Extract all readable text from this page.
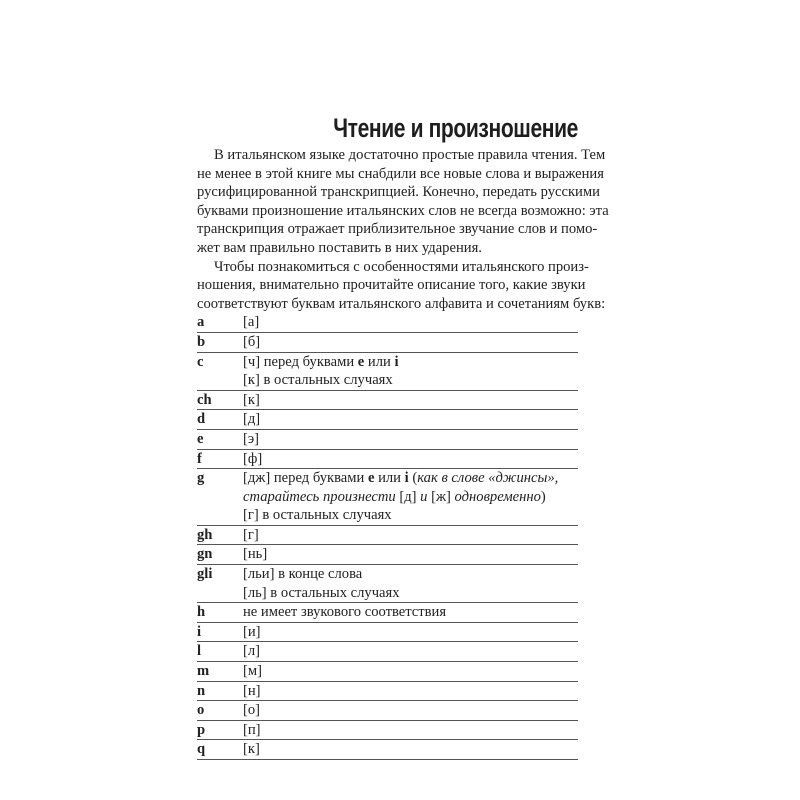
Чтение и произношение
В итальянском языке достаточно простые правила чтения. Тем
не менее в этой книге мы снабдили все новые слова и выражения
русифицированной транскрипцией. Конечно, передать русскими
буквами произношение итальянских слов не всегда возможно: эта
транскрипция отражает приблизительное звучание слов и помо-
жет вам правильно поставить в них ударения.
Чтобы познакомиться с особенностями итальянского произ-
ношения, внимательно прочитайте описание того, какие звуки
соответствуют буквам итальянского алфавита и сочетаниям букв:
a	[а]
b	[б]
c	[ч] перед буквами e или i
[к] в остальных случаях
ch	[к]
d	[д]
e	[э]
f	[ф]
g	[дж] перед буквами e или i (как в слове «джинсы»,
старайтесь произнести [д] и [ж] одновременно)
[г] в остальных случаях
gh	[г]
gn	[нь]
gli	[льи] в конце слова
[ль] в остальных случаях
h	не имеет звукового соответствия
i	[и]
l	[л]
m	[м]
n	[н]
o	[о]
p	[п]
q	[к]
